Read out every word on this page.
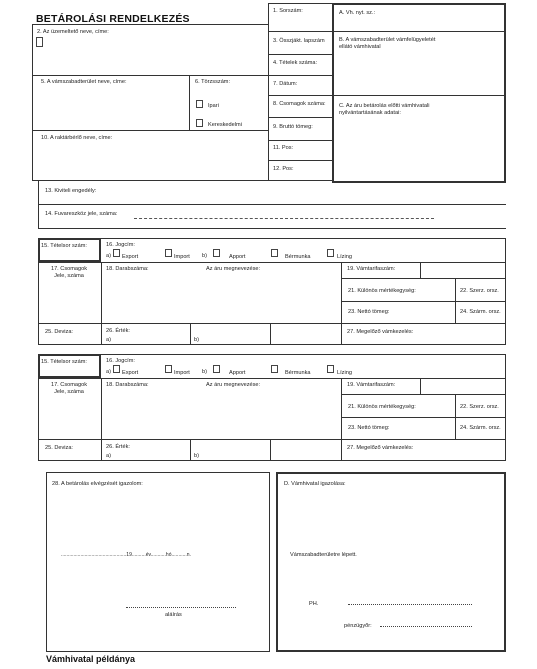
BETÁROLÁSI RENDELKEZÉS
2. Az üzemeltető neve, címe:
5. A vámszabadterület neve, címe:	6. Törzsszám:
Ipari
Kereskedelmi
10. A raktárbérlő neve, címe:
1. Sorszám:
3. Összjákt. lapszám
4. Tételek száma:
7. Dátum:
8. Csomagok száma:
9. Bruttó tömeg:
11. Pos:
12. Pos:
A. Vh. nyt. sz.:
B. A vámszabadterület vámfelügyeletét ellátó vámhivatal
C. Az áru betárolás előtti vámhivatali nyilvántartásának adatai:
13. Kiviteli engedély:
14. Fuvareszköz jele, száma:
15. Tételsor szám:	16. Jogcím:
a) Export	Import b)	Apport	Bérmunka	Lízing
17. Csomagok Jele, száma
18. Darabszáma:	Az áru megnevezése:	19. Vámtarifaszám:
21. Különös mértékegység:	22. Szerz. orsz.
23. Nettó tömeg:	24. Szárm. orsz.
25. Deviza:	26. Érték:
a)	b)
27. Megelőző vámkezelés:
15. Tételsor szám:	16. Jogcím:
a) Export	Import b)	Apport	Bérmunka	Lízing
17. Csomagok Jele, száma
18. Darabszáma:	Az áru megnevezése:	19. Vámtarifaszám:
21. Különös mértékegység:	22. Szerz. orsz.
23. Nettó tömeg:	24. Szárm. orsz.
25. Deviza:	26. Érték:
a)	b)
27. Megelőző vámkezelés:
28. A betárolás elvégzését igazolom:
...............................................19..........év...........hó...........n.
aláírás
D. Vámhivatal igazolása:
Vámszabadterületre lépett.
PH.
pénzügyőr:
Vámhivatal példánya
